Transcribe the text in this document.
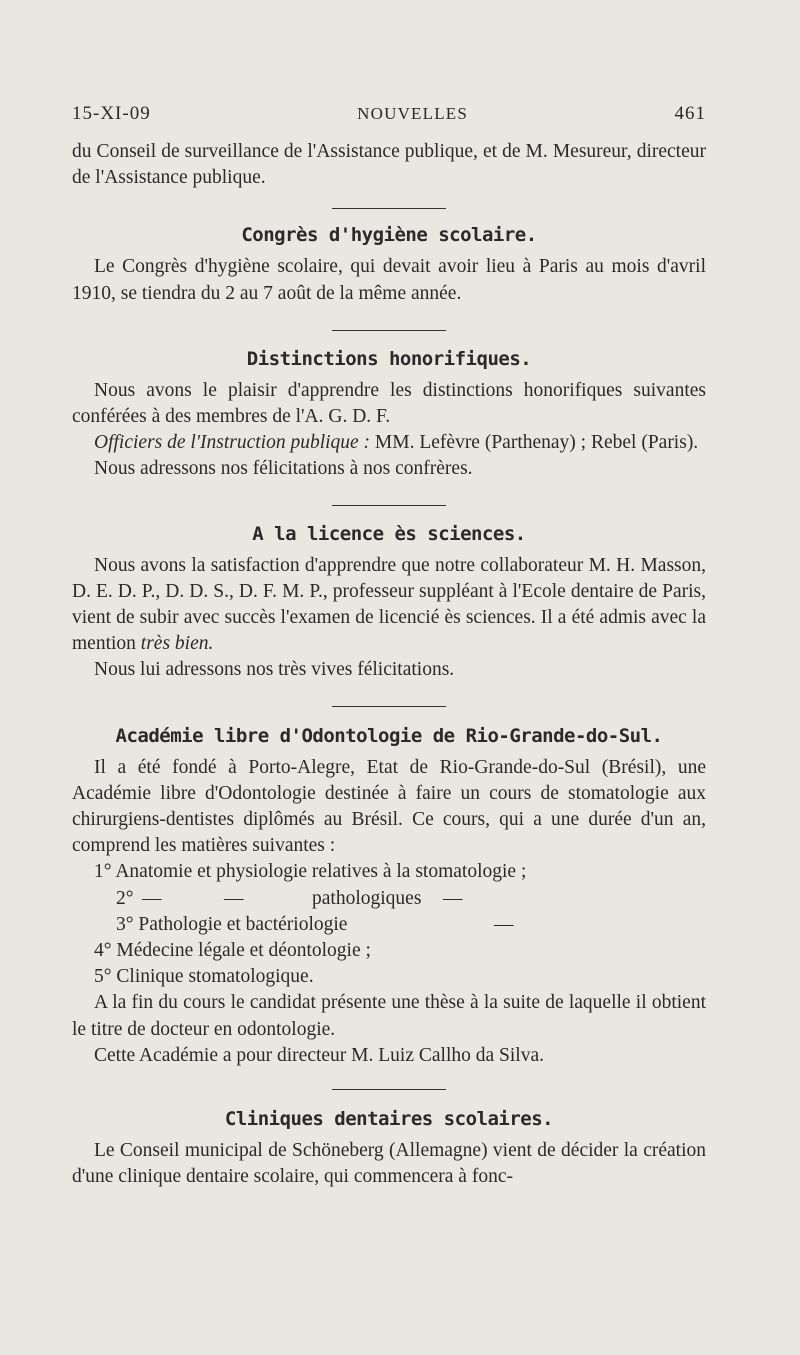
15-XI-09	NOUVELLES	461

du Conseil de surveillance de l'Assistance publique, et de M. Mesureur, directeur de l'Assistance publique.

Congrès d'hygiène scolaire.

Le Congrès d'hygiène scolaire, qui devait avoir lieu à Paris au mois d'avril 1910, se tiendra du 2 au 7 août de la même année.

Distinctions honorifiques.

Nous avons le plaisir d'apprendre les distinctions honorifiques suivantes conférées à des membres de l'A. G. D. F.

Officiers de l'Instruction publique : MM. Lefèvre (Parthenay) ; Rebel (Paris).

Nous adressons nos félicitations à nos confrères.

A la licence ès sciences.

Nous avons la satisfaction d'apprendre que notre collaborateur M. H. Masson, D. E. D. P., D. D. S., D. F. M. P., professeur suppléant à l'Ecole dentaire de Paris, vient de subir avec succès l'examen de licencié ès sciences. Il a été admis avec la mention très bien.

Nous lui adressons nos très vives félicitations.

Académie libre d'Odontologie de Rio-Grande-do-Sul.

Il a été fondé à Porto-Alegre, Etat de Rio-Grande-do-Sul (Brésil), une Académie libre d'Odontologie destinée à faire un cours de stomatologie aux chirurgiens-dentistes diplômés au Brésil. Ce cours, qui a une durée d'un an, comprend les matières suivantes :

1° Anatomie et physiologie relatives à la stomatologie ;

2° —	—	pathologiques —

3° Pathologie et bactériologie	—

4° Médecine légale et déontologie ;

5° Clinique stomatologique.

A la fin du cours le candidat présente une thèse à la suite de laquelle il obtient le titre de docteur en odontologie.

Cette Académie a pour directeur M. Luiz Callho da Silva.

Cliniques dentaires scolaires.

Le Conseil municipal de Schöneberg (Allemagne) vient de décider la création d'une clinique dentaire scolaire, qui commencera à fonc-
